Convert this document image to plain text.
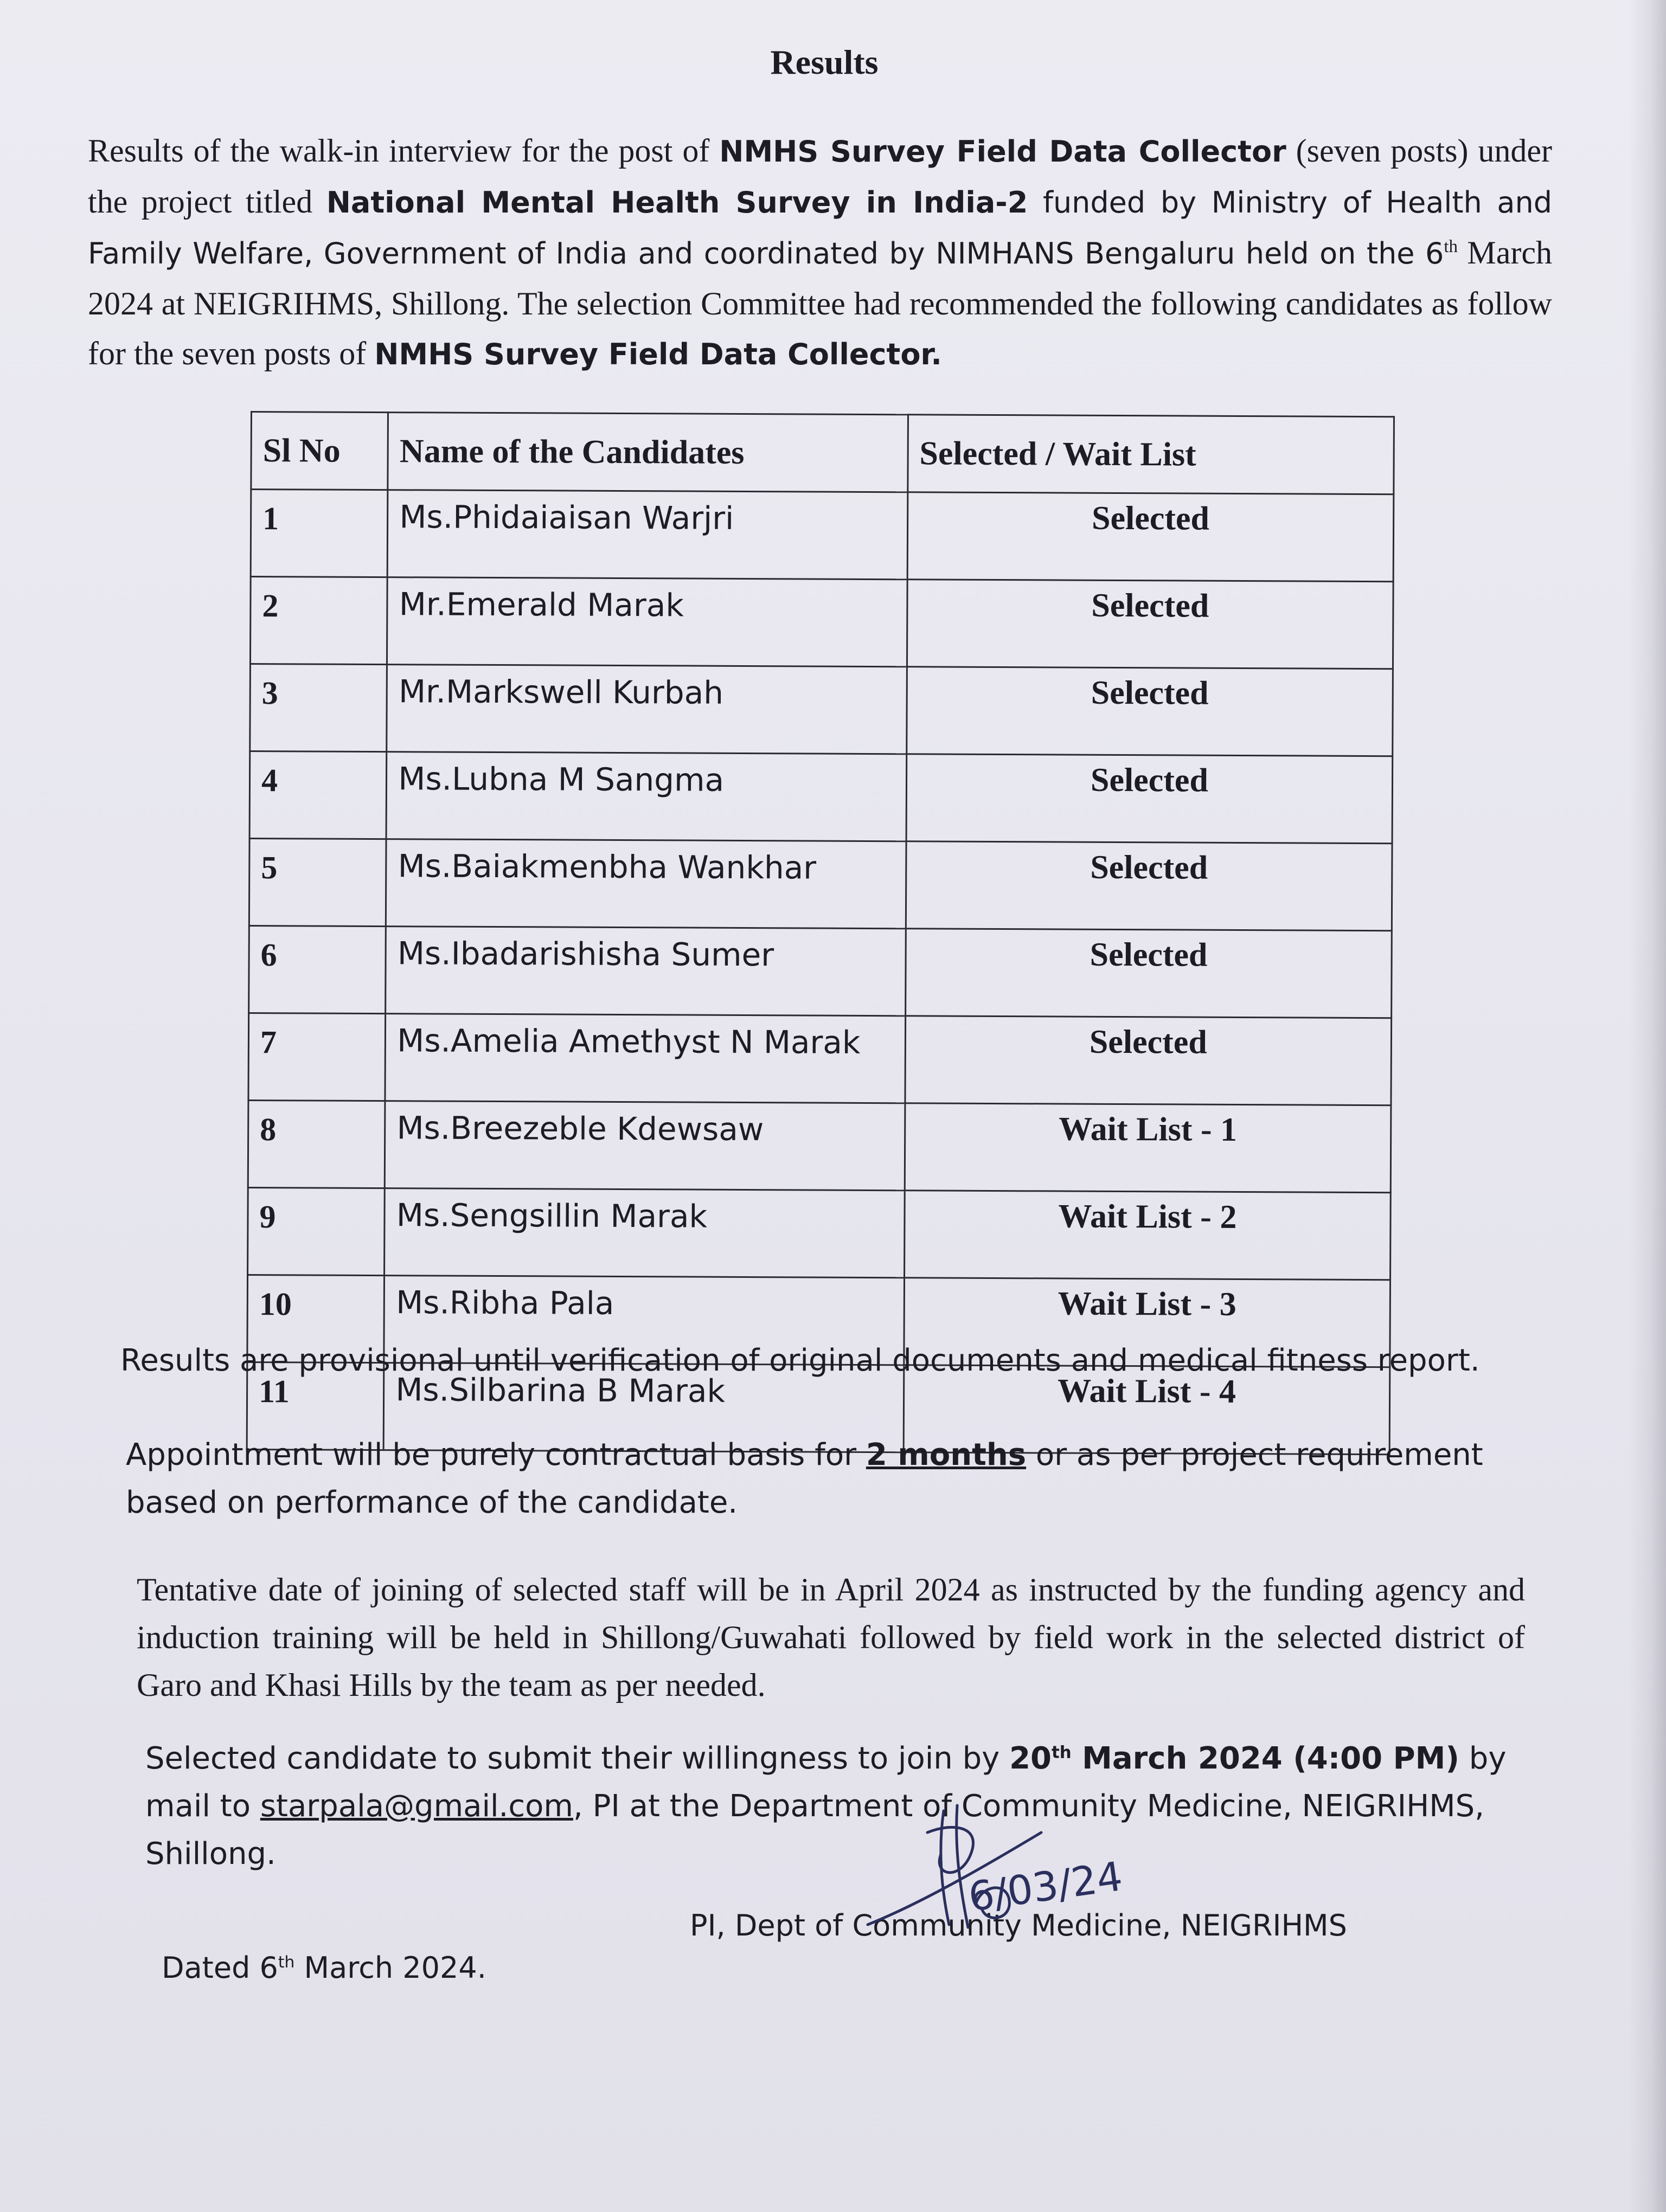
Results
Results of the walk-in interview for the post of NMHS Survey Field Data Collector (seven posts) under the project titled National Mental Health Survey in India-2 funded by Ministry of Health and Family Welfare, Government of India and coordinated by NIMHANS Bengaluru held on the 6th March 2024 at NEIGRIHMS, Shillong. The selection Committee had recommended the following candidates as follow for the seven posts of NMHS Survey Field Data Collector.
Sl No	Name of the Candidates	Selected / Wait List
1	Ms.Phidaiaisan Warjri	Selected
2	Mr.Emerald Marak	Selected
3	Mr.Markswell Kurbah	Selected
4	Ms.Lubna M Sangma	Selected
5	Ms.Baiakmenbha Wankhar	Selected
6	Ms.Ibadarishisha Sumer	Selected
7	Ms.Amelia Amethyst N Marak	Selected
8	Ms.Breezeble Kdewsaw	Wait List - 1
9	Ms.Sengsillin Marak	Wait List - 2
10	Ms.Ribha Pala	Wait List - 3
11	Ms.Silbarina B Marak	Wait List - 4
Results are provisional until verification of original documents and medical fitness report.
Appointment will be purely contractual basis for 2 months or as per project requirement based on performance of the candidate.
Tentative date of joining of selected staff will be in April 2024 as instructed by the funding agency and induction training will be held in Shillong/Guwahati followed by field work in the selected district of Garo and Khasi Hills by the team as per needed.
Selected candidate to submit their willingness to join by 20th March 2024 (4:00 PM) by mail to starpala@gmail.com, PI at the Department of Community Medicine, NEIGRIHMS, Shillong.
Dated 6th March 2024.
PI, Dept of Community Medicine, NEIGRIHMS
6/03/24
